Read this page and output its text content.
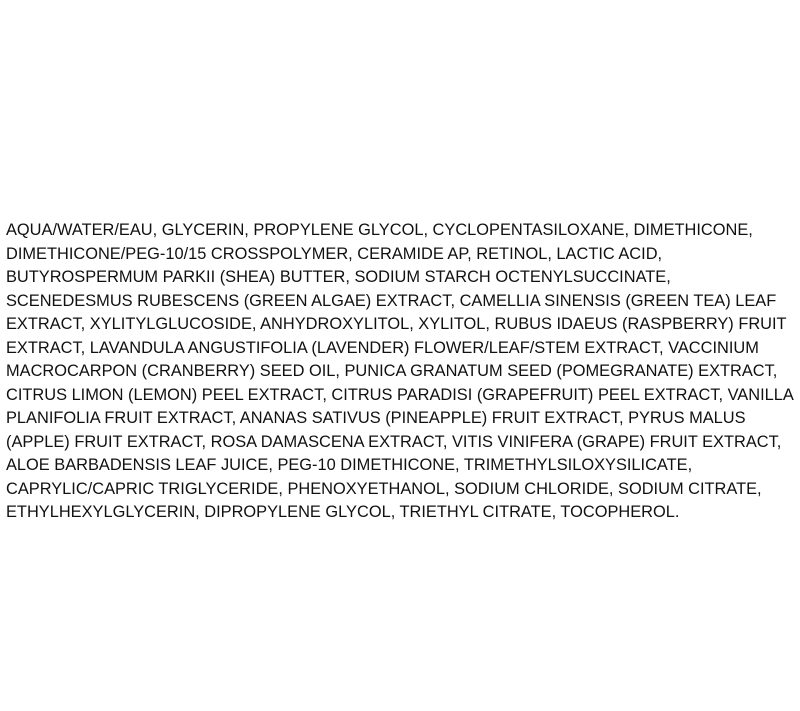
AQUA/WATER/EAU, GLYCERIN, PROPYLENE GLYCOL, CYCLOPENTASILOXANE, DIMETHICONE,
DIMETHICONE/PEG-10/15 CROSSPOLYMER, CERAMIDE AP, RETINOL, LACTIC ACID,
BUTYROSPERMUM PARKII (SHEA) BUTTER, SODIUM STARCH OCTENYLSUCCINATE,
SCENEDESMUS RUBESCENS (GREEN ALGAE) EXTRACT, CAMELLIA SINENSIS (GREEN TEA) LEAF
EXTRACT, XYLITYLGLUCOSIDE, ANHYDROXYLITOL, XYLITOL, RUBUS IDAEUS (RASPBERRY) FRUIT
EXTRACT, LAVANDULA ANGUSTIFOLIA (LAVENDER) FLOWER/LEAF/STEM EXTRACT, VACCINIUM
MACROCARPON (CRANBERRY) SEED OIL, PUNICA GRANATUM SEED (POMEGRANATE) EXTRACT,
CITRUS LIMON (LEMON) PEEL EXTRACT, CITRUS PARADISI (GRAPEFRUIT) PEEL EXTRACT, VANILLA
PLANIFOLIA FRUIT EXTRACT, ANANAS SATIVUS (PINEAPPLE) FRUIT EXTRACT, PYRUS MALUS
(APPLE) FRUIT EXTRACT, ROSA DAMASCENA EXTRACT, VITIS VINIFERA (GRAPE) FRUIT EXTRACT,
ALOE BARBADENSIS LEAF JUICE, PEG-10 DIMETHICONE, TRIMETHYLSILOXYSILICATE,
CAPRYLIC/CAPRIC TRIGLYCERIDE, PHENOXYETHANOL, SODIUM CHLORIDE, SODIUM CITRATE,
ETHYLHEXYLGLYCERIN, DIPROPYLENE GLYCOL, TRIETHYL CITRATE, TOCOPHEROL.
